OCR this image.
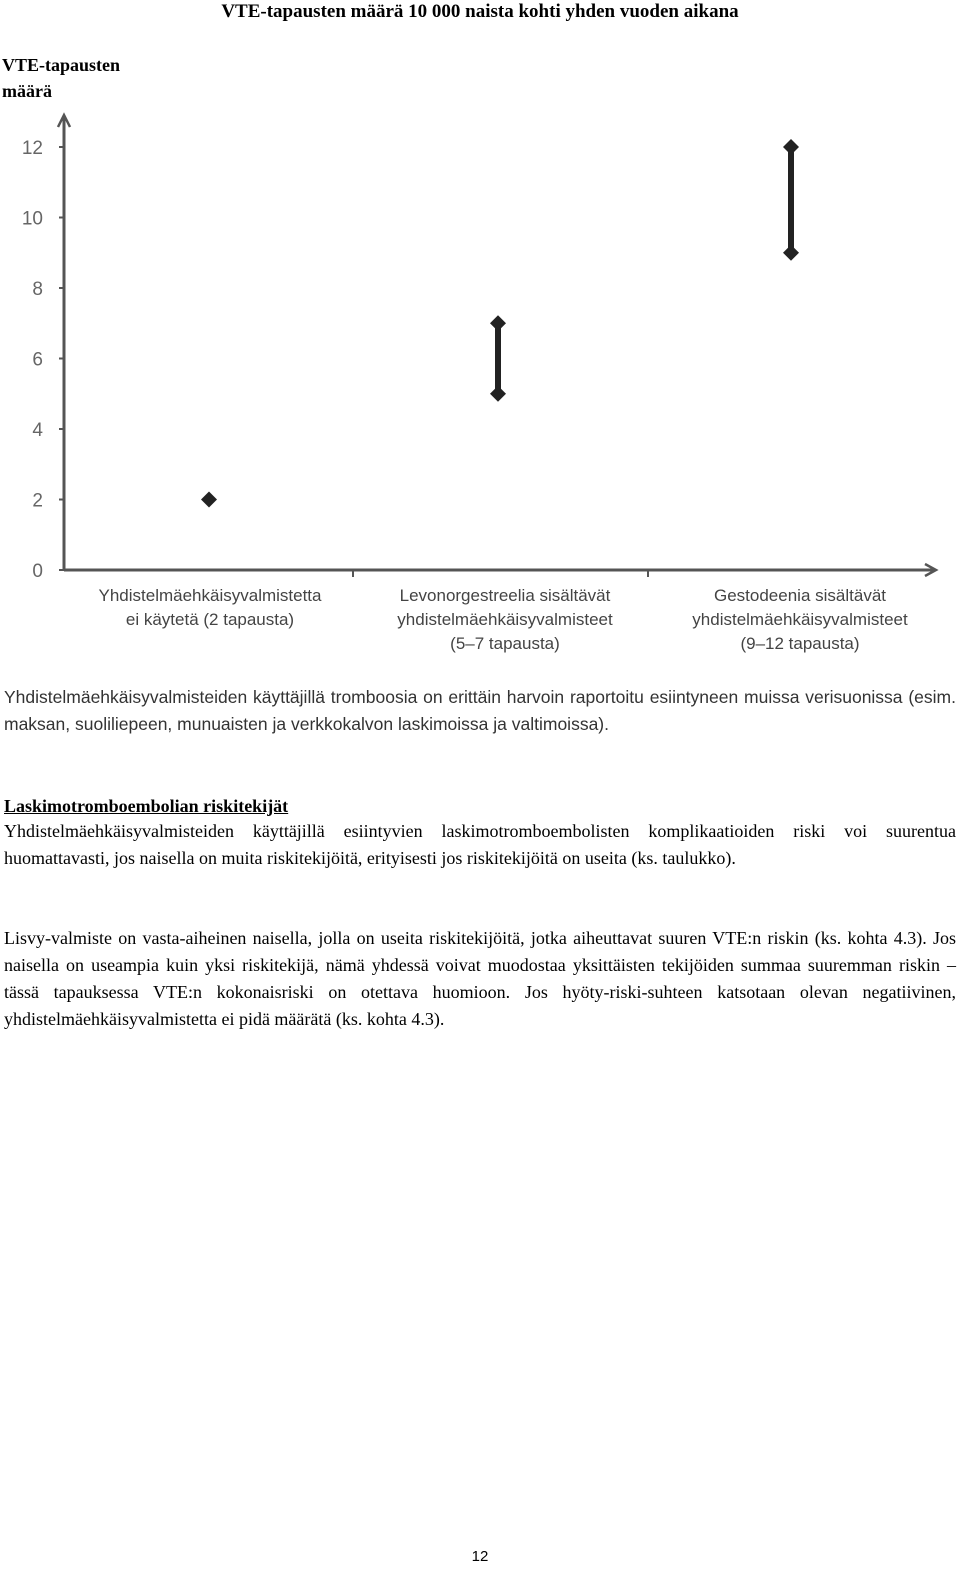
VTE-tapausten määrä 10 000 naista kohti yhden vuoden aikana
VTE-tapausten määrä
0
2
4
6
8
10
12
Yhdistelmäehkäisyvalmistetta
ei käytetä (2 tapausta)
Levonorgestreelia sisältävät
yhdistelmäehkäisyvalmisteet
(5–7 tapausta)
Gestodeenia sisältävät
yhdistelmäehkäisyvalmisteet
(9–12 tapausta)
Yhdistelmäehkäisyvalmisteiden käyttäjillä tromboosia on erittäin harvoin raportoitu esiintyneen muissa verisuonissa (esim. maksan, suoliliepeen, munuaisten ja verkkokalvon laskimoissa ja valtimoissa).
Laskimotromboembolian riskitekijät
Yhdistelmäehkäisyvalmisteiden käyttäjillä esiintyvien laskimotromboembolisten komplikaatioiden riski voi suurentua huomattavasti, jos naisella on muita riskitekijöitä, erityisesti jos riskitekijöitä on useita (ks. taulukko).
Lisvy-valmiste on vasta-aiheinen naisella, jolla on useita riskitekijöitä, jotka aiheuttavat suuren VTE:n riskin (ks. kohta 4.3). Jos naisella on useampia kuin yksi riskitekijä, nämä yhdessä voivat muodostaa yksittäisten tekijöiden summaa suuremman riskin – tässä tapauksessa VTE:n kokonaisriski on otettava huomioon. Jos hyöty-riski-suhteen katsotaan olevan negatiivinen, yhdistelmäehkäisyvalmistetta ei pidä määrätä (ks. kohta 4.3).
12
